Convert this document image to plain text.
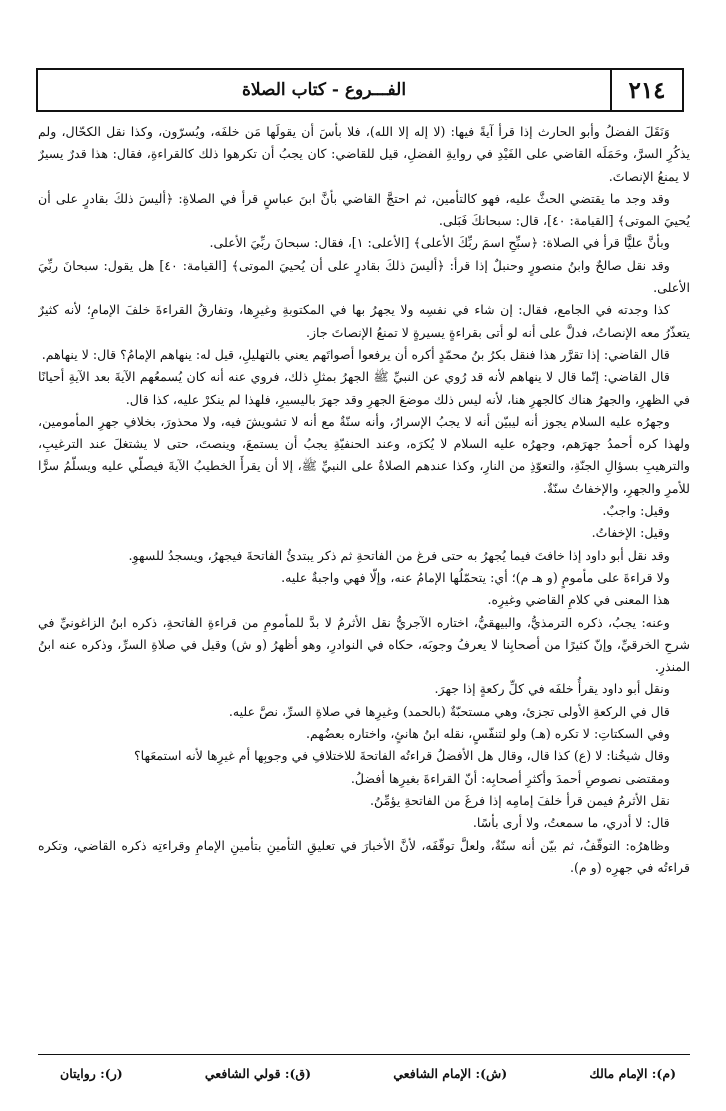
٢١٤
الفـــروع - كتاب الصلاة

وَنَقَلَ الفضلُ وأبو الحارث إذا قرأ آيةً فيها: (لا إله إلا الله)، فلا بأسَ أن يقولَها مَن خلفَه، ويُسرّون، وكذا نقل الكحّال، ولم يذكُرِ السرَّ، وحَمَلَه القاضي على الفَيْدِ في روايةِ الفضلِ، قيل للقاضي: كان يجبُ أن تكرهوا ذلك كالقراءةِ، فقال: هذا قدرٌ يسيرٌ لا يمنعُ الإنصاتَ.

وقد وجد ما يقتضي الحثَّ عليه، فهو كالتأمين، ثم احتجَّ القاضي بأنَّ ابنَ عباسٍ قرأ في الصلاةِ: ﴿أليسَ ذلكَ بقادرٍ على أن يُحييَ الموتى﴾ [القيامة: ٤٠]، قال: سبحانكَ فَبَلى.

وبأنَّ عليًّا قرأ في الصلاة: ﴿سبِّحِ اسمَ ربِّكَ الأعلى﴾ [الأعلى: ١]، فقال: سبحانَ ربِّيَ الأعلى.

وقد نقل صالحٌ وابنُ منصورٍ وحنبلٌ إذا قرأ: ﴿أليسَ ذلكَ بقادرٍ على أن يُحييَ الموتى﴾ [القيامة: ٤٠] هل يقول: سبحانَ ربِّيَ الأعلى.

كذا وجدته في الجامع، فقال: إن شاء في نفسِه ولا يجهرُ بها في المكتوبةِ وغيرِها، وتفارقُ القراءةَ خلفَ الإمامِ؛ لأنه كثيرٌ يتعذّرُ معه الإنصاتُ، فدلَّ على أنه لو أتى بقراءةٍ يسيرةٍ لا تمنعُ الإنصاتَ جاز.

قال القاضي: إذا تقرَّر هذا فنقل بكرُ بنُ محمّدٍ أكره أن يرفعوا أصواتَهم يعني بالتهليلِ، قيل له: ينهاهم الإمامُ؟ قال: لا ينهاهم.

قال القاضي: إنّما قال لا ينهاهم لأنه قد رُوي عن النبيِّ ﷺ الجهرُ بمثلِ ذلك، فروي عنه أنه كان يُسمعُهم الآيةَ بعد الآيةِ أحيانًا في الظهرِ، والجهرُ هناك كالجهرِ هنا، لأنه ليس ذلك موضعَ الجهرِ وقد جهرَ باليسيرِ، فلهذا لم ينكرْ عليه، كذا قال.

وجهرُه عليه السلام يجوز أنه ليبيّن أنه لا يجبُ الإسرارُ، وأنه سنّةٌ مع أنه لا تشويشَ فيه، ولا محذورَ، بخلافِ جهرِ المأمومين، ولهذا كره أحمدُ جهرَهم، وجهرُه عليه السلام لا يُكرَه، وعند الحنفيّةِ يجبُ أن يستمعَ، وينصتَ، حتى لا يشتغلَ عند الترغيبِ، والترهيبِ بسؤالِ الجنّةِ، والتعوّذِ من النارِ، وكذا عندهم الصلاةُ على النبيِّ ﷺ، إلا أن يقرأَ الخطيبُ الآيةَ فيصلّي عليه ويسلّمُ سرًّا للأمرِ والجهرِ، والإخفاتُ سنّةٌ.

وقيل: واجبٌ.

وقيل: الإخفاتُ.

وقد نقل أبو داود إذا خافتَ فيما يُجهرُ به حتى فرغ من الفاتحةِ ثم ذكر يبتدئُ الفاتحةَ فيجهرُ، ويسجدُ للسهوِ.

ولا قراءةَ على مأمومٍ (و هـ م)؛ أي: يتحمّلُها الإمامُ عنه، وإلّا فهي واجبةٌ عليه.

هذا المعنى في كلامِ القاضي وغيرِه.

وعنه: يجبُ، ذكره الترمذيُّ، والبيهقيُّ، اختاره الآجريُّ نقل الأثرمُ لا بدَّ للمأمومِ من قراءةِ الفاتحةِ، ذكره ابنُ الزاغونيِّ في شرحِ الخرقيِّ، وإنّ كثيرًا من أصحابِنا لا يعرفُ وجوبَه، حكاه في النوادرِ، وهو أظهرُ (و ش) وقيل في صلاةِ السرِّ، وذكره عنه ابنُ المنذرِ.

ونقل أبو داود يقرأُ خلفَه في كلِّ ركعةٍ إذا جهرَ.

قال في الركعةِ الأولى تجزئ، وهي مستحبّةٌ (بالحمد) وغيرِها في صلاةِ السرِّ، نصَّ عليه.

وفي السكتاتِ: لا تكره (هـ) ولو لتنفّسٍ، نقله ابنُ هانئٍ، واختاره بعضُهم.

وقال شيخُنا: لا (ع) كذا قال، وقال هل الأفضلُ قراءتُه الفاتحةَ للاختلافِ في وجوبِها أم غيرِها لأنه استمعَها؟

ومقتضى نصوصِ أحمدَ وأكثرِ أصحابِه: أنّ القراءةَ بغيرِها أفضلُ.

نقل الأثرمُ فيمن قرأ خلفَ إمامِه إذا فرغَ من الفاتحةِ يؤمِّنُ.

قال: لا أدري، ما سمعتُ، ولا أرى بأسًا.

وظاهرُه: التوقّفُ، ثم بيّن أنه سنّةٌ، ولعلَّ توقّفَه، لأنَّ الأخبارَ في تعليقِ التأمينِ بتأمينِ الإمامِ وقراءتِه ذكره القاضي، وتكره قراءتُه في جهرِه (و م).

(م): الإمام مالك
(ش): الإمام الشافعي
(ق): قولي الشافعي
(ر): روايتان
